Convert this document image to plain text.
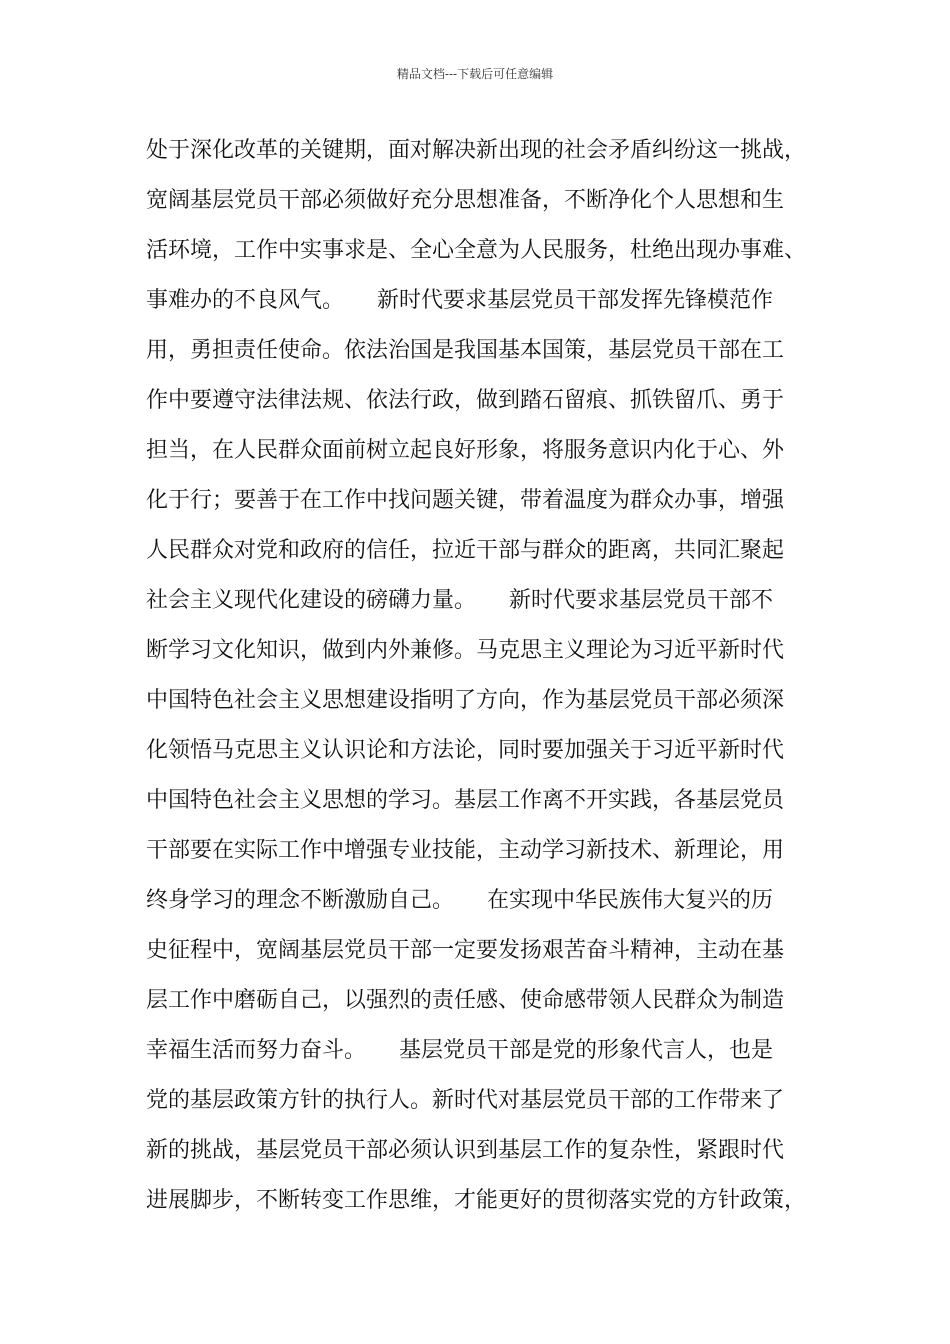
精品文档---下载后可任意编辑
处于深化改革的关键期，面对解决新出现的社会矛盾纠纷这一挑战，
宽阔基层党员干部必须做好充分思想准备，不断净化个人思想和生
活环境，工作中实事求是、全心全意为人民服务，杜绝出现办事难、
事难办的不良风气。　　新时代要求基层党员干部发挥先锋模范作
用，勇担责任使命。依法治国是我国基本国策，基层党员干部在工
作中要遵守法律法规、依法行政，做到踏石留痕、抓铁留爪、勇于
担当，在人民群众面前树立起良好形象，将服务意识内化于心、外
化于行；要善于在工作中找问题关键，带着温度为群众办事，增强
人民群众对党和政府的信任，拉近干部与群众的距离，共同汇聚起
社会主义现代化建设的磅礴力量。　　新时代要求基层党员干部不
断学习文化知识，做到内外兼修。马克思主义理论为习近平新时代
中国特色社会主义思想建设指明了方向，作为基层党员干部必须深
化领悟马克思主义认识论和方法论，同时要加强关于习近平新时代
中国特色社会主义思想的学习。基层工作离不开实践，各基层党员
干部要在实际工作中增强专业技能，主动学习新技术、新理论，用
终身学习的理念不断激励自己。　　在实现中华民族伟大复兴的历
史征程中，宽阔基层党员干部一定要发扬艰苦奋斗精神，主动在基
层工作中磨砺自己，以强烈的责任感、使命感带领人民群众为制造
幸福生活而努力奋斗。　　基层党员干部是党的形象代言人，也是
党的基层政策方针的执行人。新时代对基层党员干部的工作带来了
新的挑战，基层党员干部必须认识到基层工作的复杂性，紧跟时代
进展脚步，不断转变工作思维，才能更好的贯彻落实党的方针政策，
